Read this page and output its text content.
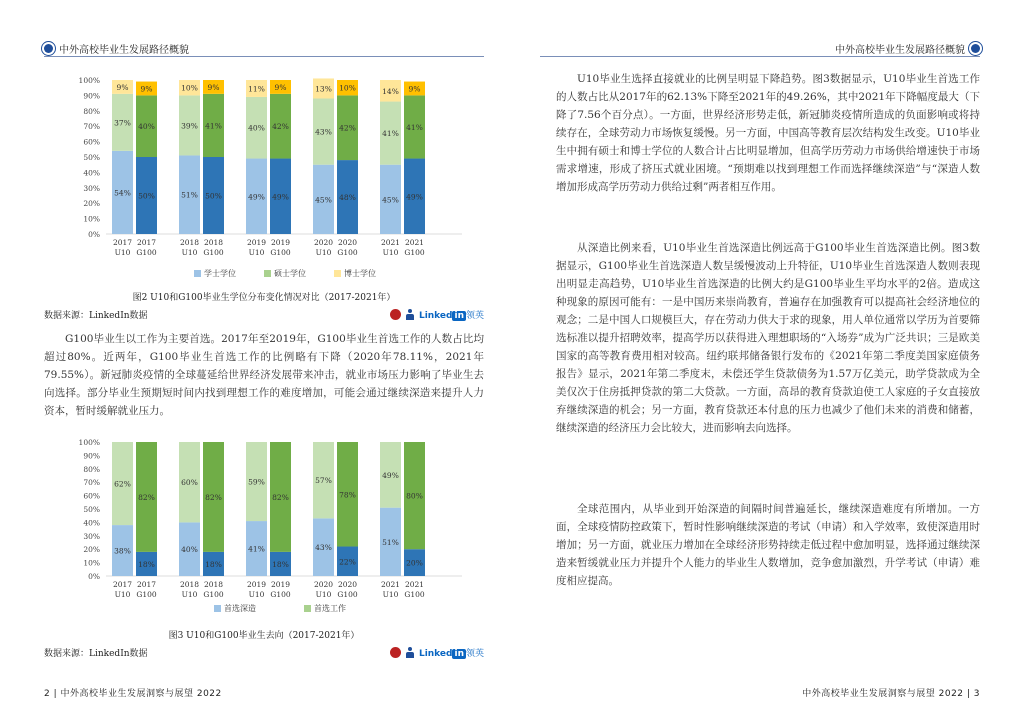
中外高校毕业生发展路径概貌	中外高校毕业生发展路径概貌
0%
10%
20%
30%
40%
50%
60%
70%
80%
90%
100%
54%
37%
9%
2017
U10
50%
40%
9%
2017
G100
51%
39%
10%
2018
U10
50%
41%
9%
2018
G100
49%
40%
11%
2019
U10
49%
42%
9%
2019
G100
45%
43%
13%
2020
U10
48%
42%
10%
2020
G100
45%
41%
14%
2021
U10
49%
41%
9%
2021
G100
学士学位	硕士学位	博士学位
图2 U10和G100毕业生学位分布变化情况对比（2017-2021年）
数据来源：LinkedIn数据	Linked in 领英

G100毕业生以工作为主要首选。2017年至2019年，G100毕业生首选工作的人数占比均超过80%。近两年，G100毕业生首选工作的比例略有下降（2020年78.11%，2021年79.55%）。新冠肺炎疫情的全球蔓延给世界经济发展带来冲击，就业市场压力影响了毕业生去向选择。部分毕业生预期短时间内找到理想工作的难度增加，可能会通过继续深造来提升人力资本，暂时缓解就业压力。

0%
10%
20%
30%
40%
50%
60%
70%
80%
90%
100%
38%
62%
2017
U10
18%
82%
2017
G100
40%
60%
2018
U10
18%
82%
2018
G100
41%
59%
2019
U10
18%
82%
2019
G100
43%
57%
2020
U10
22%
78%
2020
G100
51%
49%
2021
U10
20%
80%
2021
G100
首选深造	首选工作
图3 U10和G100毕业生去向（2017-2021年）
数据来源：LinkedIn数据	Linked in 领英

U10毕业生选择直接就业的比例呈明显下降趋势。图3数据显示，U10毕业生首选工作的人数占比从2017年的62.13%下降至2021年的49.26%，其中2021年下降幅度最大（下降了7.56个百分点）。一方面，世界经济形势走低，新冠肺炎疫情所造成的负面影响或将持续存在，全球劳动力市场恢复缓慢。另一方面，中国高等教育层次结构发生改变。U10毕业生中拥有硕士和博士学位的人数合计占比明显增加，但高学历劳动力市场供给增速快于市场需求增速，形成了挤压式就业困境。“预期难以找到理想工作而选择继续深造”与“深造人数增加形成高学历劳动力供给过剩”两者相互作用。

从深造比例来看，U10毕业生首选深造比例远高于G100毕业生首选深造比例。图3数据显示，G100毕业生首选深造人数呈缓慢波动上升特征，U10毕业生首选深造人数则表现出明显走高趋势，U10毕业生首选深造的比例大约是G100毕业生平均水平的2倍。造成这种现象的原因可能有：一是中国历来崇尚教育，普遍存在加强教育可以提高社会经济地位的观念；二是中国人口规模巨大，存在劳动力供大于求的现象，用人单位通常以学历为首要筛选标准以提升招聘效率，提高学历以获得进入理想职场的“入场券”成为广泛共识；三是欧美国家的高等教育费用相对较高。纽约联邦储备银行发布的《2021年第二季度美国家庭债务报告》显示，2021年第二季度末，未偿还学生贷款债务为1.57万亿美元，助学贷款成为全美仅次于住房抵押贷款的第二大贷款。一方面，高昂的教育贷款迫使工人家庭的子女直接放弃继续深造的机会；另一方面，教育贷款还本付息的压力也减少了他们未来的消费和储蓄，继续深造的经济压力会比较大，进而影响去向选择。

全球范围内，从毕业到开始深造的间隔时间普遍延长，继续深造难度有所增加。一方面，全球疫情防控政策下，暂时性影响继续深造的考试（申请）和入学效率，致使深造用时增加；另一方面，就业压力增加在全球经济形势持续走低过程中愈加明显，选择通过继续深造来暂缓就业压力并提升个人能力的毕业生人数增加，竞争愈加激烈，升学考试（申请）难度相应提高。

2 | 中外高校毕业生发展洞察与展望 2022	中外高校毕业生发展洞察与展望 2022 | 3
